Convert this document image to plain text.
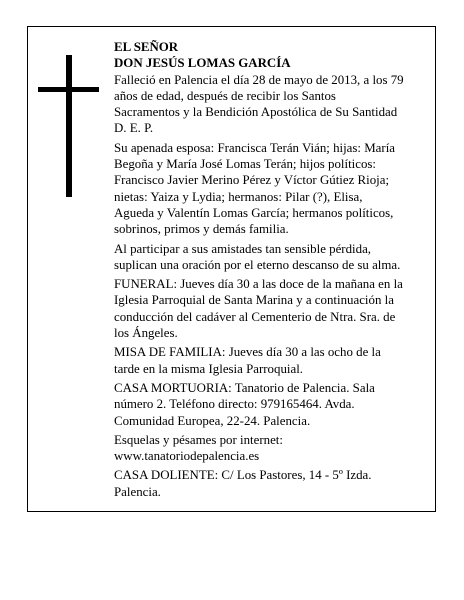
EL SEÑOR
DON JESÚS LOMAS GARCÍA
Falleció en Palencia el día 28 de mayo de 2013, a los 79
años de edad, después de recibir los Santos
Sacramentos y la Bendición Apostólica de Su Santidad
D. E. P.
Su apenada esposa: Francisca Terán Vián; hijas: María
Begoña y María José Lomas Terán; hijos políticos:
Francisco Javier Merino Pérez y Víctor Gútiez Rioja;
nietas: Yaiza y Lydia; hermanos: Pilar (?), Elisa,
Agueda y Valentín Lomas García; hermanos políticos,
sobrinos, primos y demás familia.
Al participar a sus amistades tan sensible pérdida,
suplican una oración por el eterno descanso de su alma.
FUNERAL: Jueves día 30 a las doce de la mañana en la
Iglesia Parroquial de Santa Marina y a continuación la
conducción del cadáver al Cementerio de Ntra. Sra. de
los Ángeles.
MISA DE FAMILIA: Jueves día 30 a las ocho de la
tarde en la misma Iglesia Parroquial.
CASA MORTUORIA: Tanatorio de Palencia. Sala
número 2. Teléfono directo: 979165464. Avda.
Comunidad Europea, 22-24. Palencia.
Esquelas y pésames por internet:
www.tanatoriodepalencia.es
CASA DOLIENTE: C/ Los Pastores, 14 - 5º Izda.
Palencia.
